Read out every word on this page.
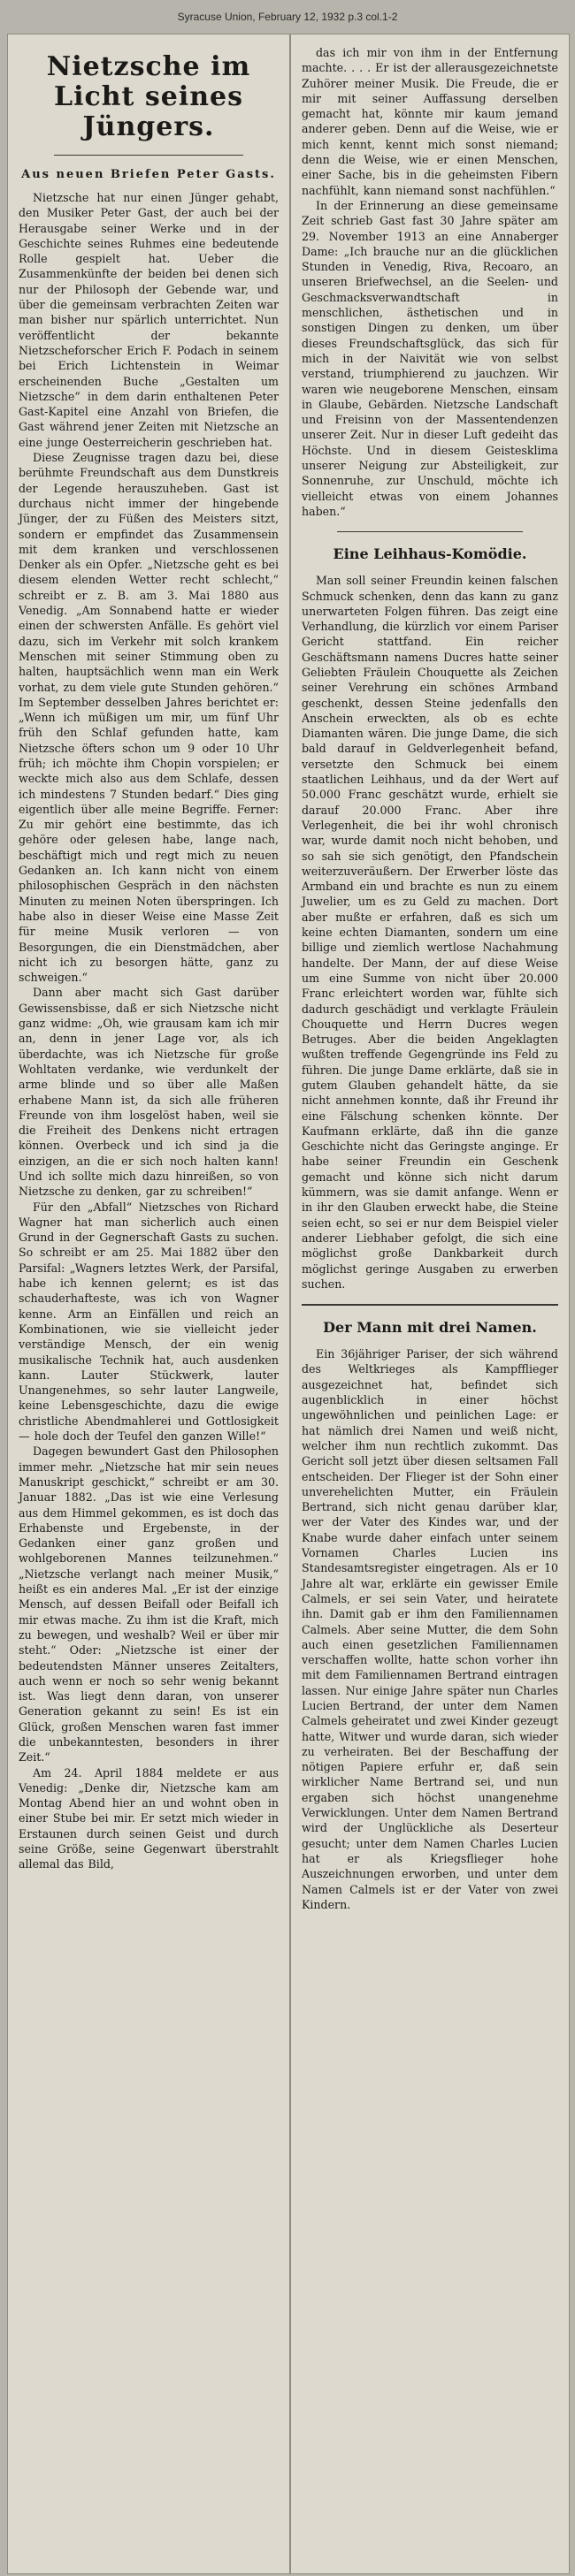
Syracuse Union, February 12, 1932 p.3 col.1-2
Nietzsche im Licht seines Jüngers.
Aus neuen Briefen Peter Gasts.

Nietzsche hat nur einen Jünger gehabt, den Musiker Peter Gast, der auch bei der Herausgabe seiner Werke und in der Geschichte seines Ruhmes eine bedeutende Rolle gespielt hat. Ueber die Zusammenkünfte der beiden bei denen sich nur der Philosoph der Gebende war, und über die gemeinsam verbrachten Zeiten war man bisher nur spärlich unterrichtet. Nun veröffentlicht der bekannte Nietzscheforscher Erich F. Podach in seinem bei Erich Lichtenstein in Weimar erscheinenden Buche „Gestalten um Nietzsche“ in dem darin enthaltenen Peter Gast-Kapitel eine Anzahl von Briefen, die Gast während jener Zeiten mit Nietzsche an eine junge Oesterreicherin geschrieben hat.

Diese Zeugnisse tragen dazu bei, diese berühmte Freundschaft aus dem Dunstkreis der Legende herauszuheben. Gast ist durchaus nicht immer der hingebende Jünger, der zu Füßen des Meisters sitzt, sondern er empfindet das Zusammensein mit dem kranken und verschlossenen Denker als ein Opfer. „Nietzsche geht es bei diesem elenden Wetter recht schlecht,“ schreibt er z. B. am 3. Mai 1880 aus Venedig. „Am Sonnabend hatte er wieder einen der schwersten Anfälle. Es gehört viel dazu, sich im Verkehr mit solch krankem Menschen mit seiner Stimmung oben zu halten, hauptsächlich wenn man ein Werk vorhat, zu dem viele gute Stunden gehören.“ Im September desselben Jahres berichtet er: „Wenn ich müßigen um mir, um fünf Uhr früh den Schlaf gefunden hatte, kam Nietzsche öfters schon um 9 oder 10 Uhr früh; ich möchte ihm Chopin vorspielen; er weckte mich also aus dem Schlafe, dessen ich mindestens 7 Stunden bedarf.“ Dies ging eigentlich über alle meine Begriffe. Ferner: Zu mir gehört eine bestimmte, das ich gehöre oder gelesen habe, lange nach, beschäftigt mich und regt mich zu neuen Gedanken an. Ich kann nicht von einem philosophischen Gespräch in den nächsten Minuten zu meinen Noten überspringen. Ich habe also in dieser Weise eine Masse Zeit für meine Musik verloren — von Besorgungen, die ein Dienstmädchen, aber nicht ich zu besorgen hätte, ganz zu schweigen.“

Dann aber macht sich Gast darüber Gewissensbisse, daß er sich Nietzsche nicht ganz widme: „Oh, wie grausam kam ich mir an, denn in jener Lage vor, als ich überdachte, was ich Nietzsche für große Wohltaten verdanke, wie verdunkelt der arme blinde und so über alle Maßen erhabene Mann ist, da sich alle früheren Freunde von ihm losgelöst haben, weil sie die Freiheit des Denkens nicht ertragen können. Overbeck und ich sind ja die einzigen, an die er sich noch halten kann! Und ich sollte mich dazu hinreißen, so von Nietzsche zu denken, gar zu schreiben!“

Für den „Abfall“ Nietzsches von Richard Wagner hat man sicherlich auch einen Grund in der Gegnerschaft Gasts zu suchen. So schreibt er am 25. Mai 1882 über den Parsifal: „Wagners letztes Werk, der Parsifal, habe ich kennen gelernt; es ist das schauderhafteste, was ich von Wagner kenne. Arm an Einfällen und reich an Kombinationen, wie sie vielleicht jeder verständige Mensch, der ein wenig musikalische Technik hat, auch ausdenken kann. Lauter Stückwerk, lauter Unangenehmes, so sehr lauter Langweile, keine Lebensgeschichte, dazu die ewige christliche Abendmahlerei und Gottlosigkeit — hole doch der Teufel den ganzen Wille!“

Dagegen bewundert Gast den Philosophen immer mehr. „Nietzsche hat mir sein neues Manuskript geschickt,“ schreibt er am 30. Januar 1882. „Das ist wie eine Verlesung aus dem Himmel gekommen, es ist doch das Erhabenste und Ergebenste, in der Gedanken einer ganz großen und wohlgeborenen Mannes teilzunehmen.“ „Nietzsche verlangt nach meiner Musik,“ heißt es ein anderes Mal. „Er ist der einzige Mensch, auf dessen Beifall oder Beifall ich mir etwas mache. Zu ihm ist die Kraft, mich zu bewegen, und weshalb? Weil er über mir steht.“ Oder: „Nietzsche ist einer der bedeutendsten Männer unseres Zeitalters, auch wenn er noch so sehr wenig bekannt ist. Was liegt denn daran, von unserer Generation gekannt zu sein! Es ist ein Glück, großen Menschen waren fast immer die unbekanntesten, besonders in ihrer Zeit.“

Am 24. April 1884 meldete er aus Venedig: „Denke dir, Nietzsche kam am Montag Abend hier an und wohnt oben in einer Stube bei mir. Er setzt mich wieder in Erstaunen durch seinen Geist und durch seine Größe, seine Gegenwart überstrahlt allemal das Bild,

das ich mir von ihm in der Entfernung machte. . . . Er ist der allerausgezeichnetste Zuhörer meiner Musik. Die Freude, die er mir mit seiner Auffassung derselben gemacht hat, könnte mir kaum jemand anderer geben. Denn auf die Weise, wie er mich kennt, kennt mich sonst niemand; denn die Weise, wie er einen Menschen, einer Sache, bis in die geheimsten Fibern nachfühlt, kann niemand sonst nachfühlen.“

In der Erinnerung an diese gemeinsame Zeit schrieb Gast fast 30 Jahre später am 29. November 1913 an eine Annaberger Dame: „Ich brauche nur an die glücklichen Stunden in Venedig, Riva, Recoaro, an unseren Briefwechsel, an die Seelen- und Geschmacksverwandtschaft in menschlichen, ästhetischen und in sonstigen Dingen zu denken, um über dieses Freundschaftsglück, das sich für mich in der Naivität wie von selbst verstand, triumphierend zu jauchzen. Wir waren wie neugeborene Menschen, einsam in Glaube, Gebärden. Nietzsche Landschaft und Freisinn von der Massentendenzen unserer Zeit. Nur in dieser Luft gedeiht das Höchste. Und in diesem Geistesklima unserer Neigung zur Absteiligkeit, zur Sonnenruhe, zur Unschuld, möchte ich vielleicht etwas von einem Johannes haben.“

Eine Leihhaus-Komödie.

Man soll seiner Freundin keinen falschen Schmuck schenken, denn das kann zu ganz unerwarteten Folgen führen. Das zeigt eine Verhandlung, die kürzlich vor einem Pariser Gericht stattfand. Ein reicher Geschäftsmann namens Ducres hatte seiner Geliebten Fräulein Chouquette als Zeichen seiner Verehrung ein schönes Armband geschenkt, dessen Steine jedenfalls den Anschein erweckten, als ob es echte Diamanten wären. Die junge Dame, die sich bald darauf in Geldverlegenheit befand, versetzte den Schmuck bei einem staatlichen Leihhaus, und da der Wert auf 50.000 Franc geschätzt wurde, erhielt sie darauf 20.000 Franc. Aber ihre Verlegenheit, die bei ihr wohl chronisch war, wurde damit noch nicht behoben, und so sah sie sich genötigt, den Pfandschein weiterzuveräußern. Der Erwerber löste das Armband ein und brachte es nun zu einem Juwelier, um es zu Geld zu machen. Dort aber mußte er erfahren, daß es sich um keine echten Diamanten, sondern um eine billige und ziemlich wertlose Nachahmung handelte. Der Mann, der auf diese Weise um eine Summe von nicht über 20.000 Franc erleichtert worden war, fühlte sich dadurch geschädigt und verklagte Fräulein Chouquette und Herrn Ducres wegen Betruges. Aber die beiden Angeklagten wußten treffende Gegengründe ins Feld zu führen. Die junge Dame erklärte, daß sie in gutem Glauben gehandelt hätte, da sie nicht annehmen konnte, daß ihr Freund ihr eine Fälschung schenken könnte. Der Kaufmann erklärte, daß ihn die ganze Geschichte nicht das Geringste anginge. Er habe seiner Freundin ein Geschenk gemacht und könne sich nicht darum kümmern, was sie damit anfange. Wenn er in ihr den Glauben erweckt habe, die Steine seien echt, so sei er nur dem Beispiel vieler anderer Liebhaber gefolgt, die sich eine möglichst große Dankbarkeit durch möglichst geringe Ausgaben zu erwerben suchen.

Der Mann mit drei Namen.

Ein 36jähriger Pariser, der sich während des Weltkrieges als Kampfflieger ausgezeichnet hat, befindet sich augenblicklich in einer höchst ungewöhnlichen und peinlichen Lage: er hat nämlich drei Namen und weiß nicht, welcher ihm nun rechtlich zukommt. Das Gericht soll jetzt über diesen seltsamen Fall entscheiden. Der Flieger ist der Sohn einer unverehelichten Mutter, ein Fräulein Bertrand, sich nicht genau darüber klar, wer der Vater des Kindes war, und der Knabe wurde daher einfach unter seinem Vornamen Charles Lucien ins Standesamtsregister eingetragen. Als er 10 Jahre alt war, erklärte ein gewisser Emile Calmels, er sei sein Vater, und heiratete ihn. Damit gab er ihm den Familiennamen Calmels. Aber seine Mutter, die dem Sohn auch einen gesetzlichen Familiennamen verschaffen wollte, hatte schon vorher ihn mit dem Familiennamen Bertrand eintragen lassen. Nur einige Jahre später nun Charles Lucien Bertrand, der unter dem Namen Calmels geheiratet und zwei Kinder gezeugt hatte, Witwer und wurde daran, sich wieder zu verheiraten. Bei der Beschaffung der nötigen Papiere erfuhr er, daß sein wirklicher Name Bertrand sei, und nun ergaben sich höchst unangenehme Verwicklungen. Unter dem Namen Bertrand wird der Unglückliche als Deserteur gesucht; unter dem Namen Charles Lucien hat er als Kriegsflieger hohe Auszeichnungen erworben, und unter dem Namen Calmels ist er der Vater von zwei Kindern.
